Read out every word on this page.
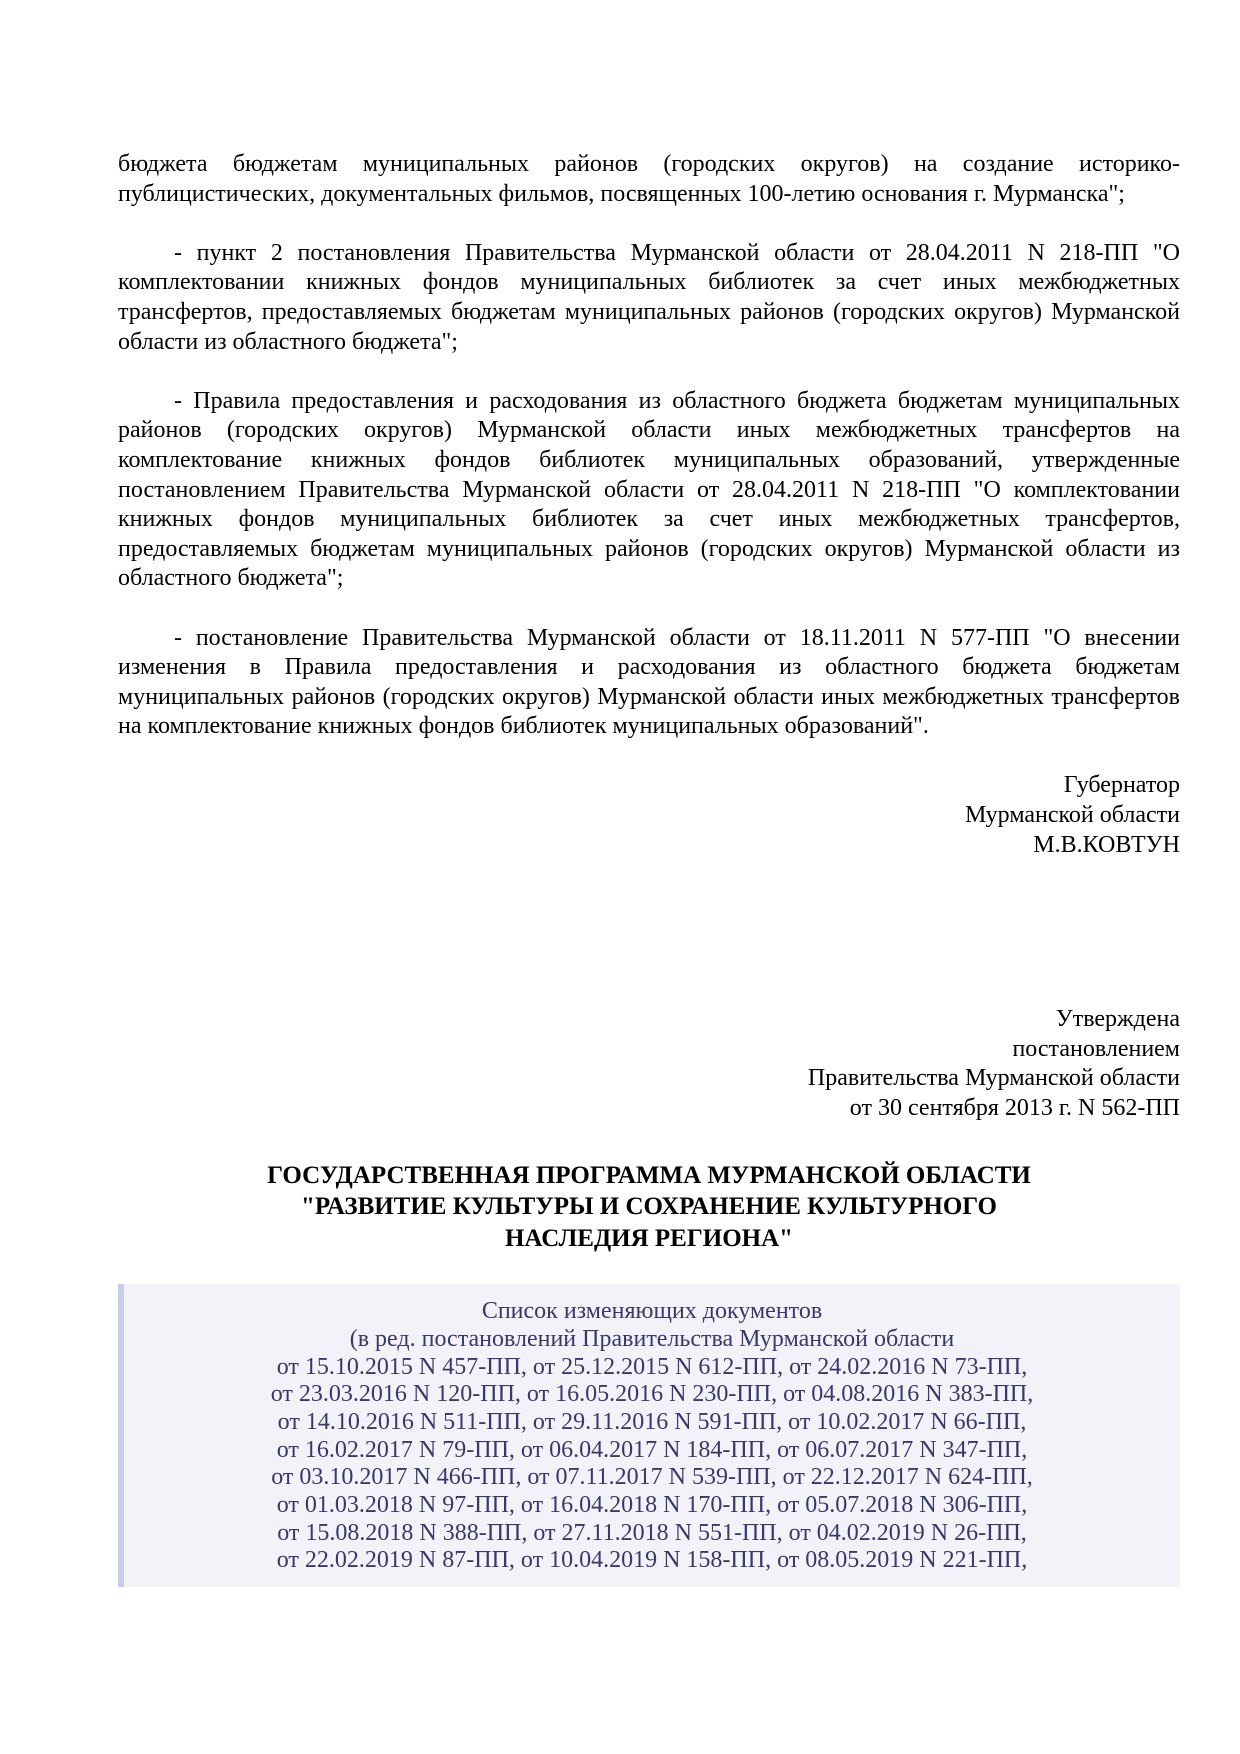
бюджета бюджетам муниципальных районов (городских округов) на создание историко-публицистических, документальных фильмов, посвященных 100-летию основания г. Мурманска";

- пункт 2 постановления Правительства Мурманской области от 28.04.2011 N 218-ПП "О комплектовании книжных фондов муниципальных библиотек за счет иных межбюджетных трансфертов, предоставляемых бюджетам муниципальных районов (городских округов) Мурманской области из областного бюджета";

- Правила предоставления и расходования из областного бюджета бюджетам муниципальных районов (городских округов) Мурманской области иных межбюджетных трансфертов на комплектование книжных фондов библиотек муниципальных образований, утвержденные постановлением Правительства Мурманской области от 28.04.2011 N 218-ПП "О комплектовании книжных фондов муниципальных библиотек за счет иных межбюджетных трансфертов, предоставляемых бюджетам муниципальных районов (городских округов) Мурманской области из областного бюджета";

- постановление Правительства Мурманской области от 18.11.2011 N 577-ПП "О внесении изменения в Правила предоставления и расходования из областного бюджета бюджетам муниципальных районов (городских округов) Мурманской области иных межбюджетных трансфертов на комплектование книжных фондов библиотек муниципальных образований".

Губернатор
Мурманской области
М.В.КОВТУН
Утверждена
постановлением
Правительства Мурманской области
от 30 сентября 2013 г. N 562-ПП
ГОСУДАРСТВЕННАЯ ПРОГРАММА МУРМАНСКОЙ ОБЛАСТИ
"РАЗВИТИЕ КУЛЬТУРЫ И СОХРАНЕНИЕ КУЛЬТУРНОГО
НАСЛЕДИЯ РЕГИОНА"
Список изменяющих документов
(в ред. постановлений Правительства Мурманской области
от 15.10.2015 N 457-ПП, от 25.12.2015 N 612-ПП, от 24.02.2016 N 73-ПП,
от 23.03.2016 N 120-ПП, от 16.05.2016 N 230-ПП, от 04.08.2016 N 383-ПП,
от 14.10.2016 N 511-ПП, от 29.11.2016 N 591-ПП, от 10.02.2017 N 66-ПП,
от 16.02.2017 N 79-ПП, от 06.04.2017 N 184-ПП, от 06.07.2017 N 347-ПП,
от 03.10.2017 N 466-ПП, от 07.11.2017 N 539-ПП, от 22.12.2017 N 624-ПП,
от 01.03.2018 N 97-ПП, от 16.04.2018 N 170-ПП, от 05.07.2018 N 306-ПП,
от 15.08.2018 N 388-ПП, от 27.11.2018 N 551-ПП, от 04.02.2019 N 26-ПП,
от 22.02.2019 N 87-ПП, от 10.04.2019 N 158-ПП, от 08.05.2019 N 221-ПП,
